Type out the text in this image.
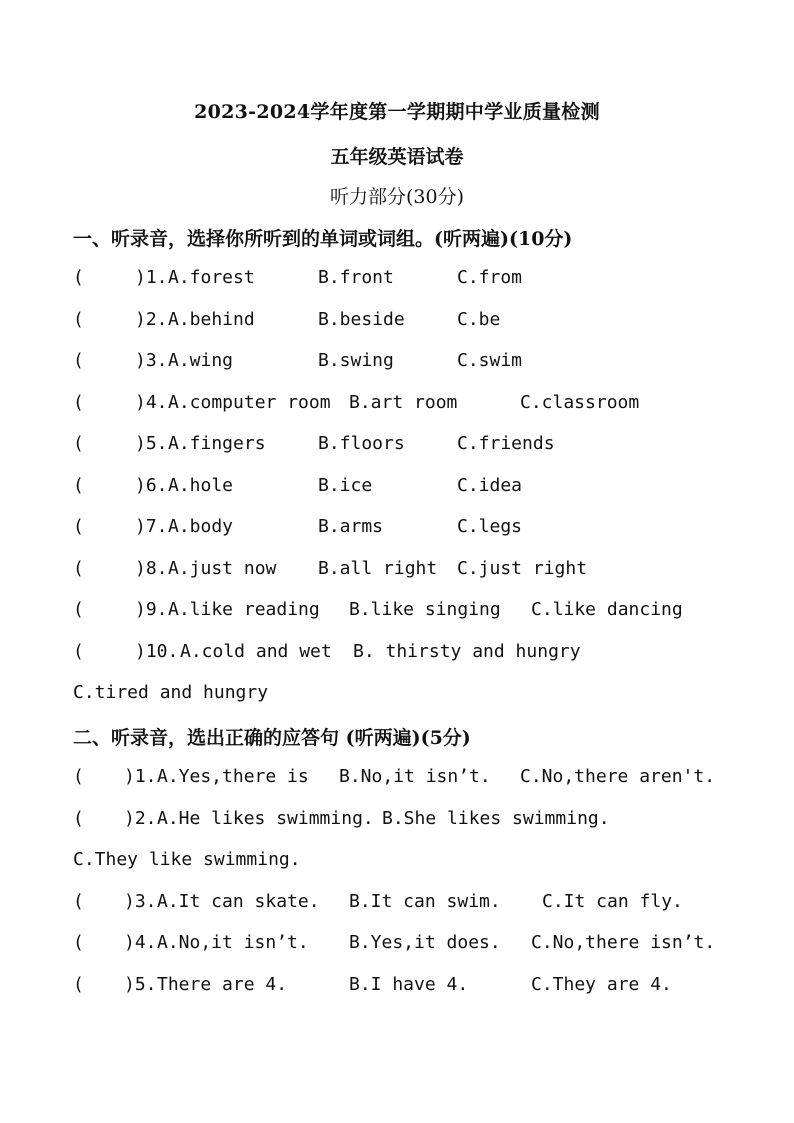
2023-2024学年度第一学期期中学业质量检测
五年级英语试卷
听力部分(30分)
一、听录音，选择你所听到的单词或词组。(听两遍)(10分)
(	)1. A.forest	B.front	C.from
(	)2. A.behind	B.beside	C.be
(	)3. A.wing	B.swing	C.swim
(	)4. A.computer room B.art room	C.classroom
(	)5. A.fingers	B.floors	C.friends
(	)6. A.hole	B.ice	C.idea
(	)7. A.body	B.arms	C.legs
(	)8. A.just now B.all right C.just right
(	)9. A.like reading B.like singing C.like dancing
(	)10. A.cold and wet B. thirsty and hungry
C.tired and hungry
二、听录音，选出正确的应答句 (听两遍)(5分)
( )1. A.Yes,there is B.No,it isn’t. C.No,there aren't.
( )2. A.He likes swimming. B.She likes swimming.
C.They like swimming.
( )3. A.It can skate. B.It can swim. C.It can fly.
( )4. A.No,it isn’t. B.Yes,it does. C.No,there isn’t.
( )5. There are 4.	B.I have 4.	C.They are 4.
